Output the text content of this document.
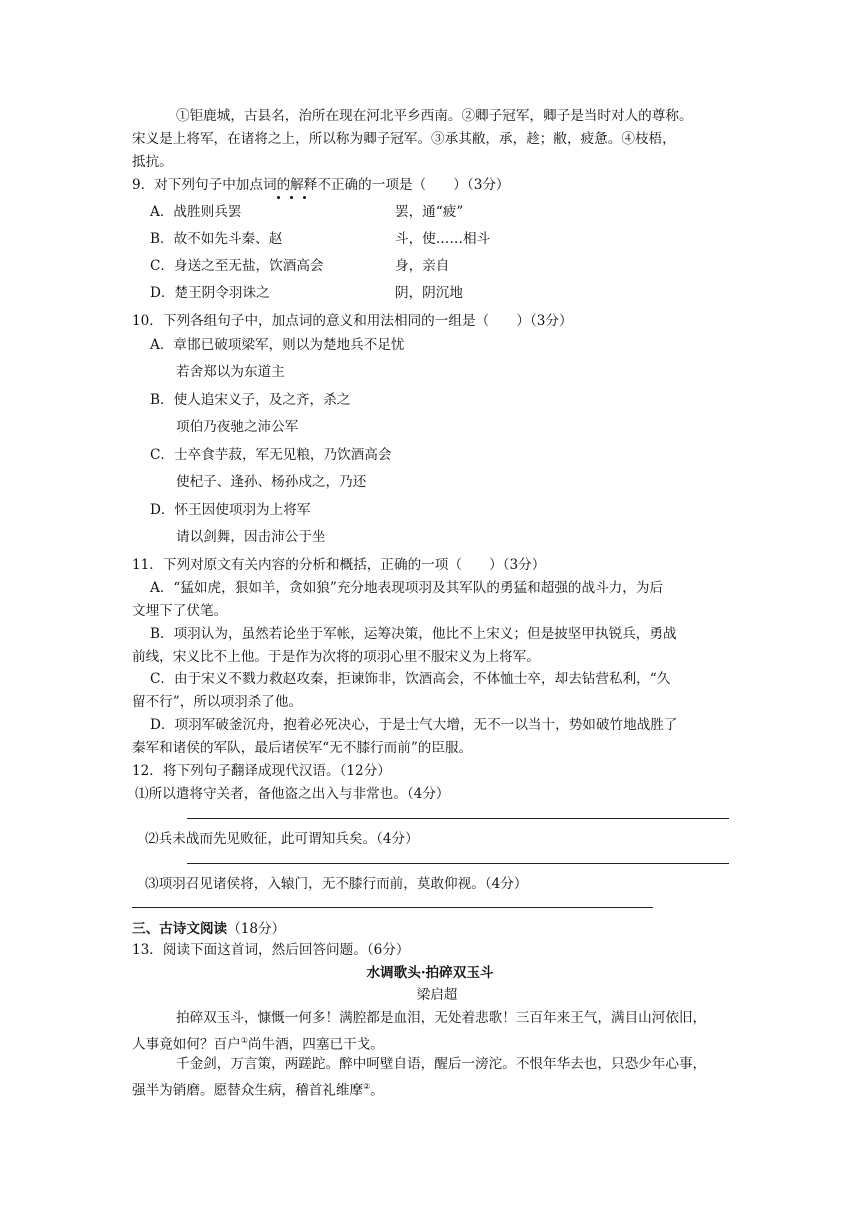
①钜鹿城，古县名，治所在现在河北平乡西南。②卿子冠军，卿子是当时对人的尊称。
宋义是上将军，在诸将之上，所以称为卿子冠军。③承其敝，承，趁；敝，疲惫。④枝梧，
抵抗。
9．对下列句子中加点词的解释不正确的一项是（　　）（3分）
A．战胜则兵罢	罢，通“疲”
B．故不如先斗秦、赵	斗，使……相斗
C．身送之至无盐，饮酒高会	身，亲自
D．楚王阴令羽诛之	阴，阴沉地
10．下列各组句子中，加点词的意义和用法相同的一组是（　　）（3分）
A．章邯已破项梁军，则以为楚地兵不足忧
若舍郑以为东道主
B．使人追宋义子，及之齐，杀之
项伯乃夜驰之沛公军
C．士卒食芋菽，军无见粮，乃饮酒高会
使杞子、逢孙、杨孙戍之，乃还
D．怀王因使项羽为上将军
请以剑舞，因击沛公于坐
11．下列对原文有关内容的分析和概括，正确的一项（　　）（3分）
A．“猛如虎，狠如羊，贪如狼”充分地表现项羽及其军队的勇猛和超强的战斗力，为后
文埋下了伏笔。
B．项羽认为，虽然若论坐于军帐，运筹决策，他比不上宋义；但是披坚甲执锐兵，勇战
前线，宋义比不上他。于是作为次将的项羽心里不服宋义为上将军。
C．由于宋义不戮力救赵攻秦，拒谏饰非，饮酒高会，不体恤士卒，却去钻营私利，“久
留不行”，所以项羽杀了他。
D．项羽军破釜沉舟，抱着必死决心，于是士气大增，无不一以当十，势如破竹地战胜了
秦军和诸侯的军队，最后诸侯军“无不膝行而前”的臣服。
12．将下列句子翻译成现代汉语。（12分）
⑴所以遣将守关者，备他盗之出入与非常也。（4分）
⑵兵未战而先见败征，此可谓知兵矣。（4分）
⑶项羽召见诸侯将，入辕门，无不膝行而前，莫敢仰视。（4分）
三、古诗文阅读（18分）
13．阅读下面这首词，然后回答问题。（6分）
水调歌头·拍碎双玉斗
梁启超
拍碎双玉斗，慷慨一何多！满腔都是血泪，无处着悲歌！三百年来王气，满目山河依旧，
人事竟如何？百户①尚牛酒，四塞已干戈。
千金剑，万言策，两蹉跎。醉中呵壁自语，醒后一滂沱。不恨年华去也，只恐少年心事，
强半为销磨。愿替众生病，稽首礼维摩②。
